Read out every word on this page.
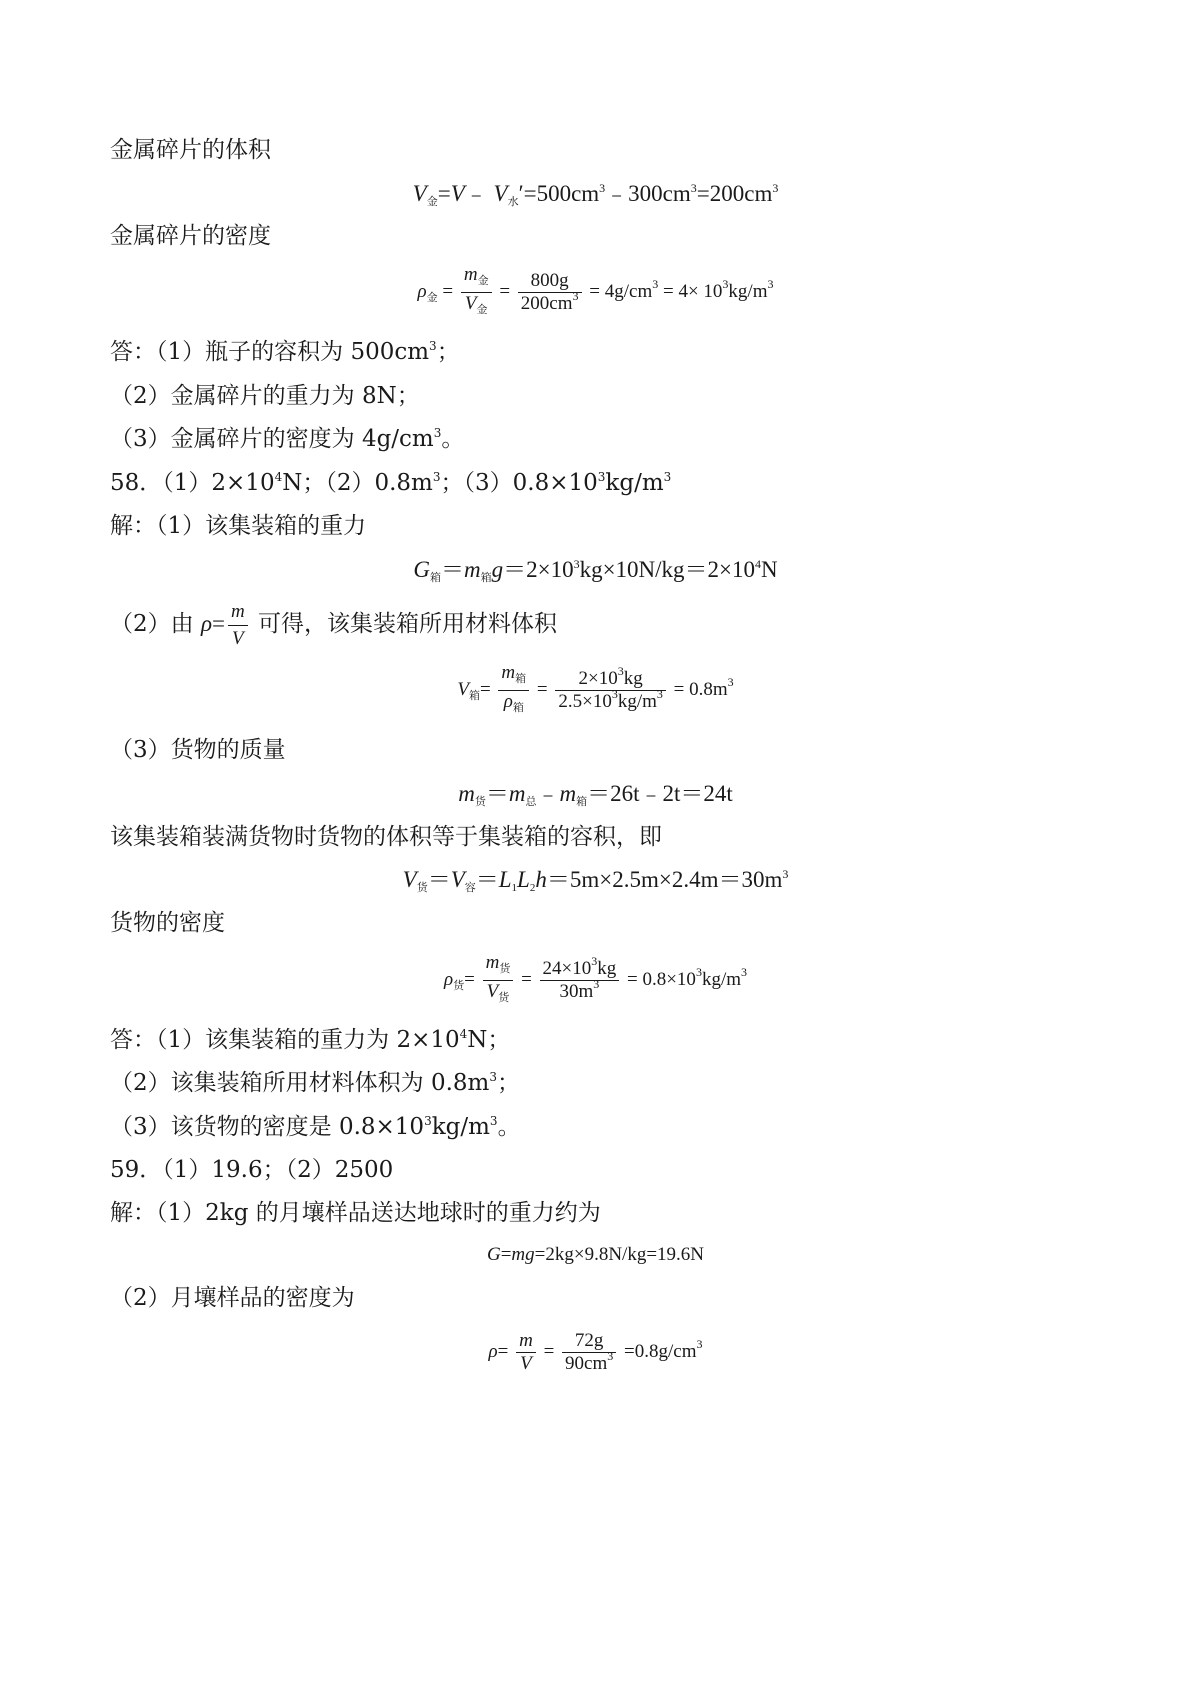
金属碎片的体积
$V_金=V﹣$ $V_水'=500cm^3﹣300cm^3=200cm^3$
金属碎片的密度
$\rho_金 = \frac{m_金}{V_金} = \frac{800g}{200cm^3} = 4g/cm^3 = 4\times 10^3kg/m^3$
答：（1）瓶子的容积为 $500cm^3$；
（2）金属碎片的重力为 8N；
（3）金属碎片的密度为 $4g/cm^3$。
58．$(1)2\times 10^4N$；$(2)0.8m^3$；$(3)0.8\times 10^3kg/m^3$
解：（1）该集装箱的重力
$G_箱=m_箱g=2\times 10^3kg\times 10N/kg=2\times 10^4N$
（2）由 $\rho= \frac{m}{V}$ 可得，该集装箱所用材料体积
$V_箱= \frac{m_箱}{\rho_箱} = \frac{2\times 10^3kg}{2.5\times 10^3kg/m^3} = 0.8m^3$
（3）货物的质量
$m_货=m_总﹣m_箱=26t﹣2t=24t$
该集装箱装满货物时货物的体积等于集装箱的容积，即
$V_货=V_容=L_1L_2h=5m\times 2.5m\times 2.4m=30m^3$
货物的密度
$\rho_货= \frac{m_货}{V_货} = \frac{24\times 10^3kg}{30m^3} = 0.8\times 10^3kg/m^3$
答：（1）该集装箱的重力为 $2\times 10^4N$；
（2）该集装箱所用材料体积为 $0.8m^3$；
（3）该货物的密度是 $0.8\times 10^3kg/m^3$。
59．（1）19.6；（2）2500
解：（1）2kg 的月壤样品送达地球时的重力约为
G=mg=2kg×9.8N/kg=19.6N
（2）月壤样品的密度为
$\rho= \frac{m}{V} = \frac{72g}{90cm^3} =0.8g/cm^3$
